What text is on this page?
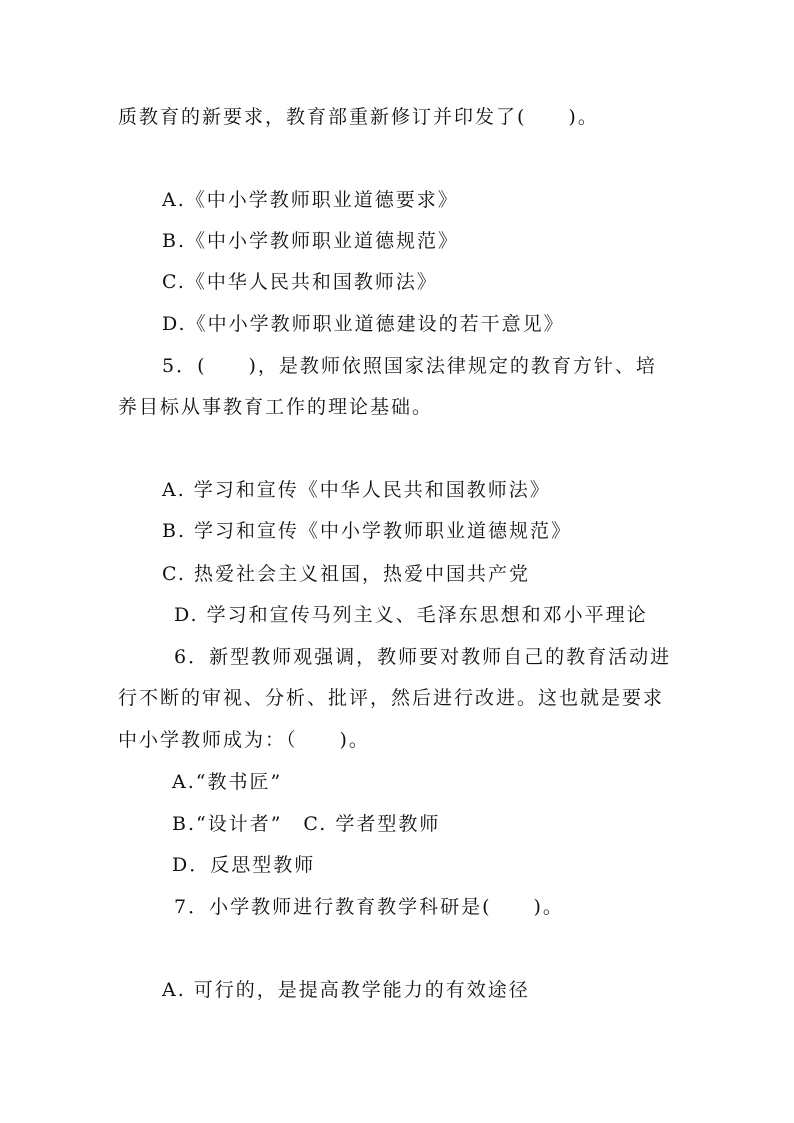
质教育的新要求，教育部重新修订并印发了(　　)。
A.《中小学教师职业道德要求》
B.《中小学教师职业道德规范》
C.《中华人民共和国教师法》
D.《中小学教师职业道德建设的若干意见》
5．(　　)，是教师依照国家法律规定的教育方针、培
养目标从事教育工作的理论基础。
A. 学习和宣传《中华人民共和国教师法》
B. 学习和宣传《中小学教师职业道德规范》
C. 热爱社会主义祖国，热爱中国共产党
D. 学习和宣传马列主义、毛泽东思想和邓小平理论
6．新型教师观强调，教师要对教师自己的教育活动进
行不断的审视、分析、批评，然后进行改进。这也就是要求
中小学教师成为：（　　)。
A.“教书匠”
B.“设计者”　C. 学者型教师
D．反思型教师
7．小学教师进行教育教学科研是(　　)。
A. 可行的，是提高教学能力的有效途径
